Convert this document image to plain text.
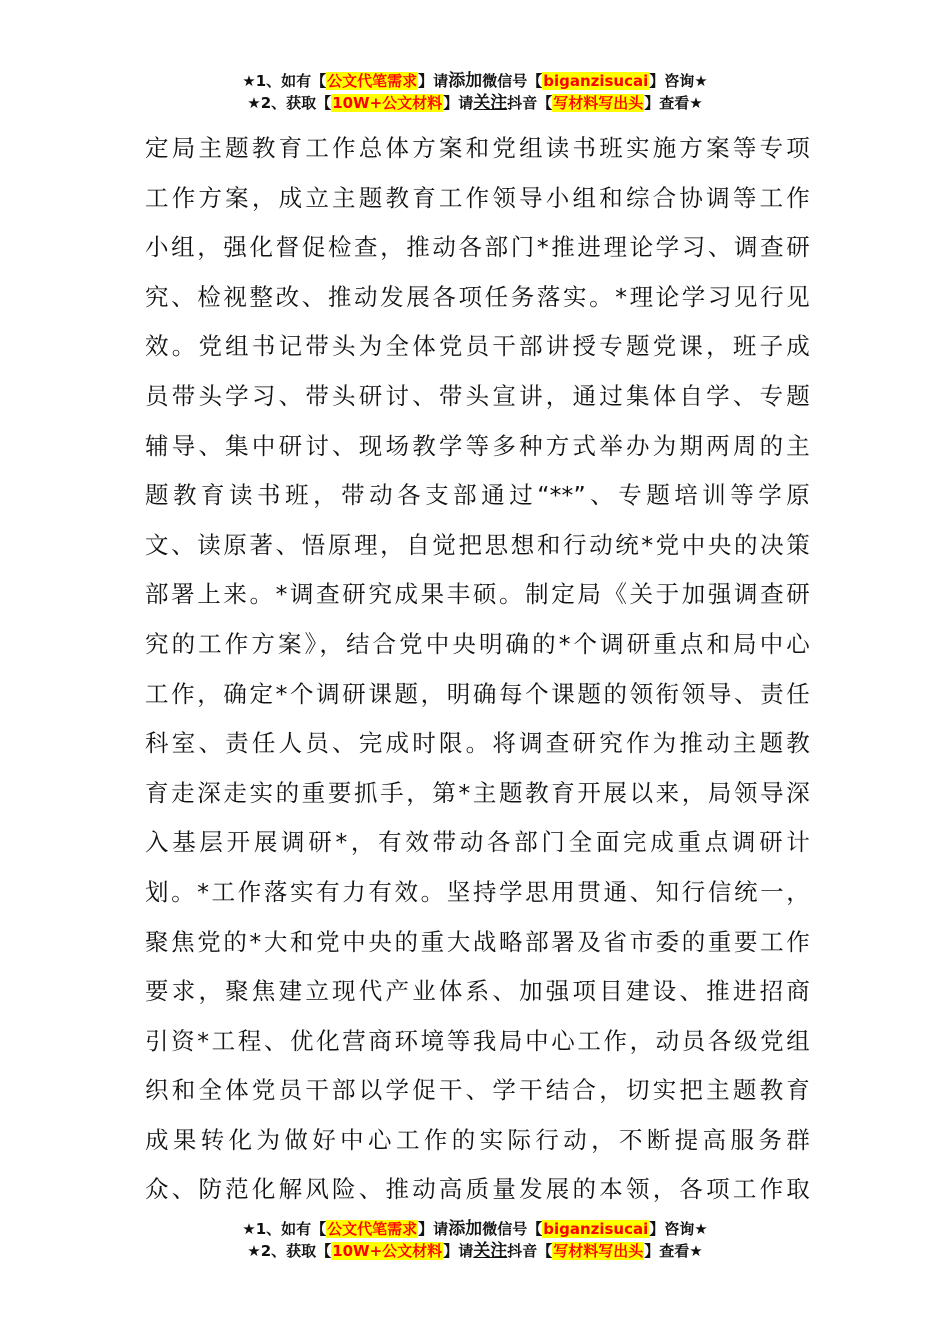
★1、如有【公文代笔需求】请添加微信号【biganzisucai】咨询★
★2、获取【10W+公文材料】请关注抖音【写材料写出头】查看★
定局主题教育工作总体方案和党组读书班实施方案等专项
工作方案，成立主题教育工作领导小组和综合协调等工作
小组，强化督促检查，推动各部门*推进理论学习、调查研
究、检视整改、推动发展各项任务落实。*理论学习见行见
效。党组书记带头为全体党员干部讲授专题党课，班子成
员带头学习、带头研讨、带头宣讲，通过集体自学、专题
辅导、集中研讨、现场教学等多种方式举办为期两周的主
题教育读书班，带动各支部通过“**”、专题培训等学原
文、读原著、悟原理，自觉把思想和行动统*党中央的决策
部署上来。*调查研究成果丰硕。制定局《关于加强调查研
究的工作方案》，结合党中央明确的*个调研重点和局中心
工作，确定*个调研课题，明确每个课题的领衔领导、责任
科室、责任人员、完成时限。将调查研究作为推动主题教
育走深走实的重要抓手，第*主题教育开展以来，局领导深
入基层开展调研*，有效带动各部门全面完成重点调研计
划。*工作落实有力有效。坚持学思用贯通、知行信统一，
聚焦党的*大和党中央的重大战略部署及省市委的重要工作
要求，聚焦建立现代产业体系、加强项目建设、推进招商
引资*工程、优化营商环境等我局中心工作，动员各级党组
织和全体党员干部以学促干、学干结合，切实把主题教育
成果转化为做好中心工作的实际行动，不断提高服务群
众、防范化解风险、推动高质量发展的本领，各项工作取
★1、如有【公文代笔需求】请添加微信号【biganzisucai】咨询★
★2、获取【10W+公文材料】请关注抖音【写材料写出头】查看★
